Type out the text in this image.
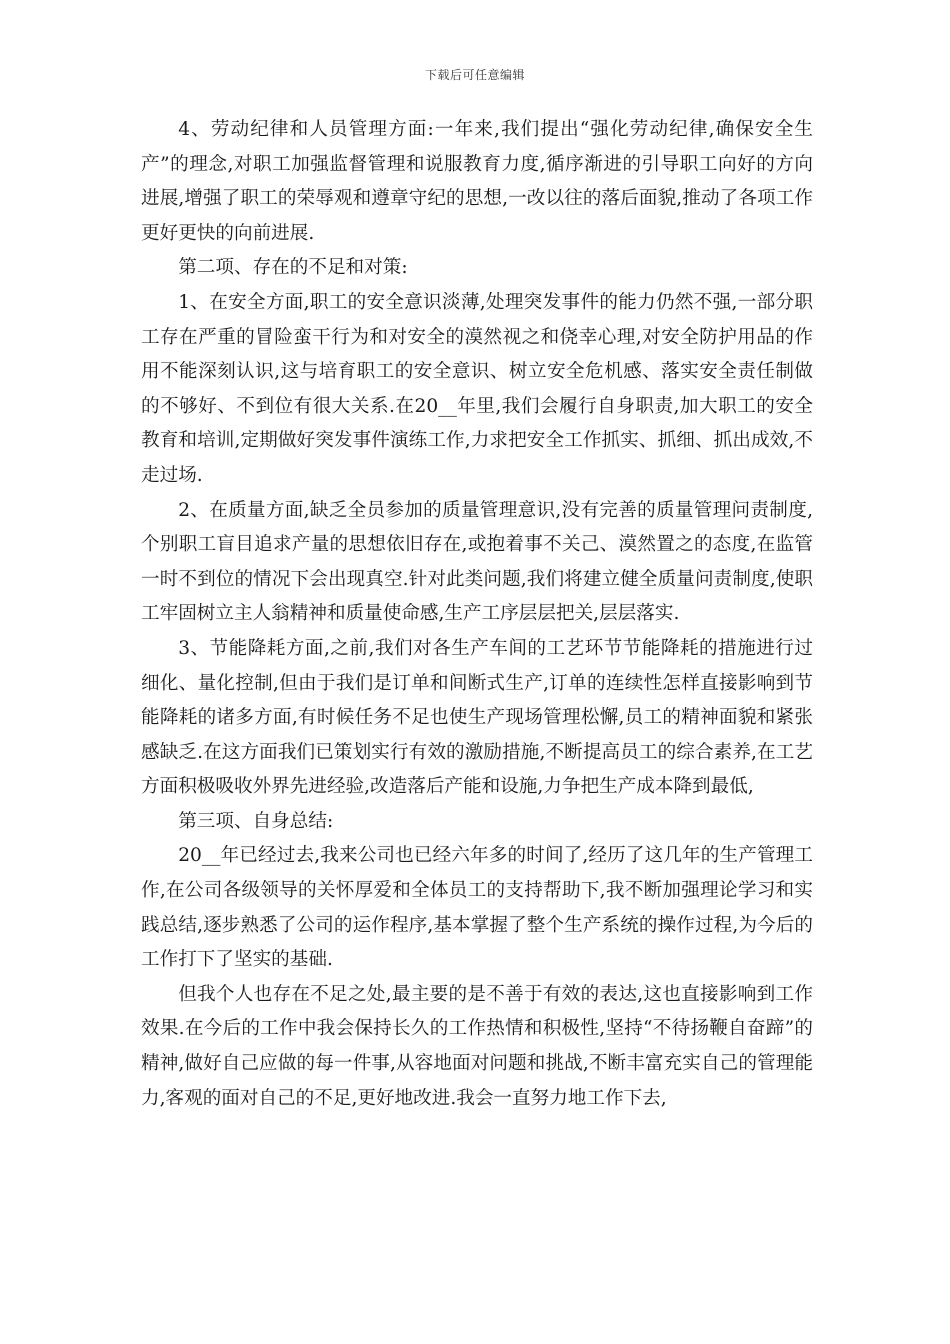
下载后可任意编辑

4、劳动纪律和人员管理方面:一年来,我们提出“强化劳动纪律,确保安全生产”的理念,对职工加强监督管理和说服教育力度,循序渐进的引导职工向好的方向进展,增强了职工的荣辱观和遵章守纪的思想,一改以往的落后面貌,推动了各项工作更好更快的向前进展.

第二项、存在的不足和对策:

1、在安全方面,职工的安全意识淡薄,处理突发事件的能力仍然不强,一部分职工存在严重的冒险蛮干行为和对安全的漠然视之和侥幸心理,对安全防护用品的作用不能深刻认识,这与培育职工的安全意识、树立安全危机感、落实安全责任制做的不够好、不到位有很大关系.在20__年里,我们会履行自身职责,加大职工的安全教育和培训,定期做好突发事件演练工作,力求把安全工作抓实、抓细、抓出成效,不走过场.

2、在质量方面,缺乏全员参加的质量管理意识,没有完善的质量管理问责制度,个别职工盲目追求产量的思想依旧存在,或抱着事不关己、漠然置之的态度,在监管一时不到位的情况下会出现真空.针对此类问题,我们将建立健全质量问责制度,使职工牢固树立主人翁精神和质量使命感,生产工序层层把关,层层落实.

3、节能降耗方面,之前,我们对各生产车间的工艺环节节能降耗的措施进行过细化、量化控制,但由于我们是订单和间断式生产,订单的连续性怎样直接影响到节能降耗的诸多方面,有时候任务不足也使生产现场管理松懈,员工的精神面貌和紧张感缺乏.在这方面我们已策划实行有效的激励措施,不断提高员工的综合素养,在工艺方面积极吸收外界先进经验,改造落后产能和设施,力争把生产成本降到最低,

第三项、自身总结:

20__年已经过去,我来公司也已经六年多的时间了,经历了这几年的生产管理工作,在公司各级领导的关怀厚爱和全体员工的支持帮助下,我不断加强理论学习和实践总结,逐步熟悉了公司的运作程序,基本掌握了整个生产系统的操作过程,为今后的工作打下了坚实的基础.

但我个人也存在不足之处,最主要的是不善于有效的表达,这也直接影响到工作效果.在今后的工作中我会保持长久的工作热情和积极性,坚持“不待扬鞭自奋蹄”的精神,做好自己应做的每一件事,从容地面对问题和挑战,不断丰富充实自己的管理能力,客观的面对自己的不足,更好地改进.我会一直努力地工作下去,
